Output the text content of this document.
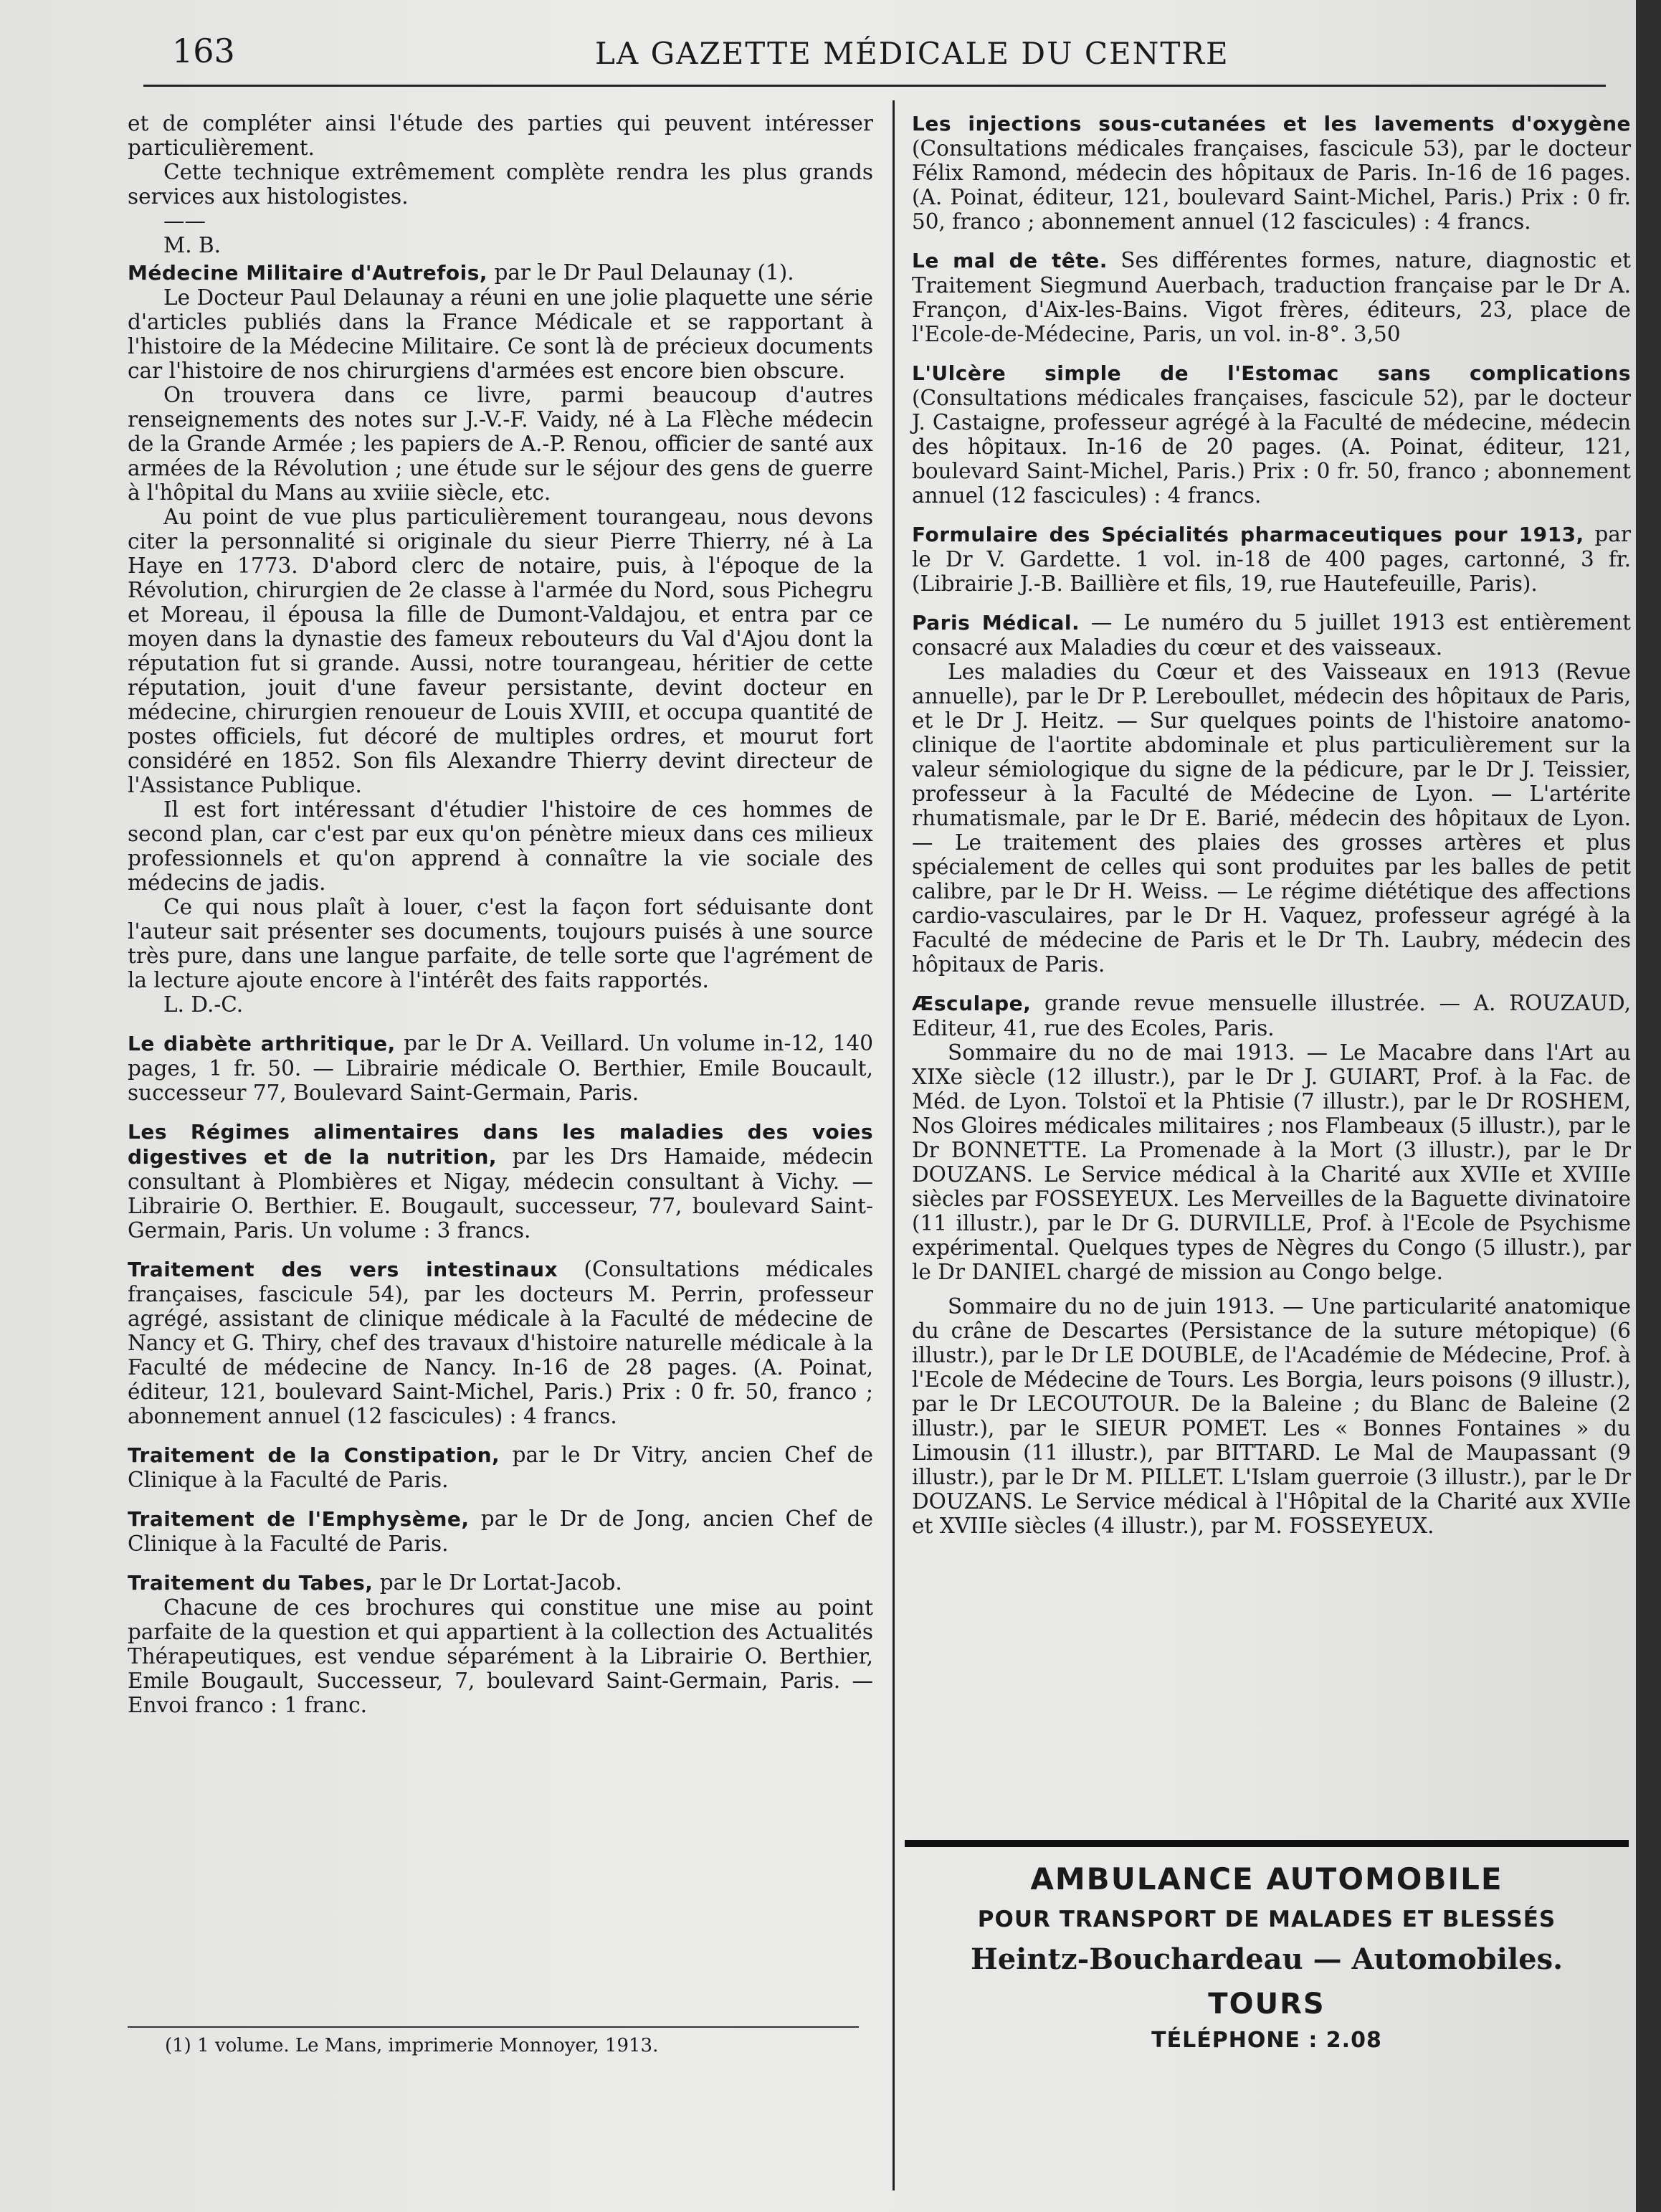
163	LA GAZETTE MÉDICALE DU CENTRE

et de compléter ainsi l'étude des parties qui peuvent intéresser particulièrement.

Cette technique extrêmement complète rendra les plus grands services aux histologistes.

——

M. B.

Médecine Militaire d'Autrefois, par le Dr Paul Delaunay (1).

Le Docteur Paul Delaunay a réuni en une jolie plaquette une série d'articles publiés dans la France Médicale et se rapportant à l'histoire de la Médecine Militaire. Ce sont là de précieux documents car l'histoire de nos chirurgiens d'armées est encore bien obscure.

On trouvera dans ce livre, parmi beaucoup d'autres renseignements des notes sur J.-V.-F. Vaidy, né à La Flèche médecin de la Grande Armée ; les papiers de A.-P. Renou, officier de santé aux armées de la Révolution ; une étude sur le séjour des gens de guerre à l'hôpital du Mans au xviiie siècle, etc.

Au point de vue plus particulièrement tourangeau, nous devons citer la personnalité si originale du sieur Pierre Thierry, né à La Haye en 1773. D'abord clerc de notaire, puis, à l'époque de la Révolution, chirurgien de 2e classe à l'armée du Nord, sous Pichegru et Moreau, il épousa la fille de Dumont-Valdajou, et entra par ce moyen dans la dynastie des fameux rebouteurs du Val d'Ajou dont la réputation fut si grande. Aussi, notre tourangeau, héritier de cette réputation, jouit d'une faveur persistante, devint docteur en médecine, chirurgien renoueur de Louis XVIII, et occupa quantité de postes officiels, fut décoré de multiples ordres, et mourut fort considéré en 1852. Son fils Alexandre Thierry devint directeur de l'Assistance Publique.

Il est fort intéressant d'étudier l'histoire de ces hommes de second plan, car c'est par eux qu'on pénètre mieux dans ces milieux professionnels et qu'on apprend à connaître la vie sociale des médecins de jadis.

Ce qui nous plaît à louer, c'est la façon fort séduisante dont l'auteur sait présenter ses documents, toujours puisés à une source très pure, dans une langue parfaite, de telle sorte que l'agrément de la lecture ajoute encore à l'intérêt des faits rapportés.

L. D.-C.

Le diabète arthritique, par le Dr A. Veillard. Un volume in-12, 140 pages, 1 fr. 50. — Librairie médicale O. Berthier, Emile Boucault, successeur 77, Boulevard Saint-Germain, Paris.

Les Régimes alimentaires dans les maladies des voies digestives et de la nutrition, par les Drs Hamaide, médecin consultant à Plombières et Nigay, médecin consultant à Vichy. — Librairie O. Berthier. E. Bougault, successeur, 77, boulevard Saint-Germain, Paris. Un volume : 3 francs.

Traitement des vers intestinaux (Consultations médicales françaises, fascicule 54), par les docteurs M. Perrin, professeur agrégé, assistant de clinique médicale à la Faculté de médecine de Nancy et G. Thiry, chef des travaux d'histoire naturelle médicale à la Faculté de médecine de Nancy. In-16 de 28 pages. (A. Poinat, éditeur, 121, boulevard Saint-Michel, Paris.) Prix : 0 fr. 50, franco ; abonnement annuel (12 fascicules) : 4 francs.

Traitement de la Constipation, par le Dr Vitry, ancien Chef de Clinique à la Faculté de Paris.

Traitement de l'Emphysème, par le Dr de Jong, ancien Chef de Clinique à la Faculté de Paris.

Traitement du Tabes, par le Dr Lortat-Jacob.

Chacune de ces brochures qui constitue une mise au point parfaite de la question et qui appartient à la collection des Actualités Thérapeutiques, est vendue séparément à la Librairie O. Berthier, Emile Bougault, Successeur, 7, boulevard Saint-Germain, Paris. — Envoi franco : 1 franc.

(1) 1 volume. Le Mans, imprimerie Monnoyer, 1913.

Les injections sous-cutanées et les lavements d'oxygène (Consultations médicales françaises, fascicule 53), par le docteur Félix Ramond, médecin des hôpitaux de Paris. In-16 de 16 pages. (A. Poinat, éditeur, 121, boulevard Saint-Michel, Paris.) Prix : 0 fr. 50, franco ; abonnement annuel (12 fascicules) : 4 francs.

Le mal de tête. Ses différentes formes, nature, diagnostic et Traitement Siegmund Auerbach, traduction française par le Dr A. Françon, d'Aix-les-Bains. Vigot frères, éditeurs, 23, place de l'Ecole-de-Médecine, Paris, un vol. in-8°. 3,50

L'Ulcère simple de l'Estomac sans complications (Consultations médicales françaises, fascicule 52), par le docteur J. Castaigne, professeur agrégé à la Faculté de médecine, médecin des hôpitaux. In-16 de 20 pages. (A. Poinat, éditeur, 121, boulevard Saint-Michel, Paris.) Prix : 0 fr. 50, franco ; abonnement annuel (12 fascicules) : 4 francs.

Formulaire des Spécialités pharmaceutiques pour 1913, par le Dr V. Gardette. 1 vol. in-18 de 400 pages, cartonné, 3 fr. (Librairie J.-B. Baillière et fils, 19, rue Hautefeuille, Paris).

Paris Médical. — Le numéro du 5 juillet 1913 est entièrement consacré aux Maladies du cœur et des vaisseaux.

Les maladies du Cœur et des Vaisseaux en 1913 (Revue annuelle), par le Dr P. Lereboullet, médecin des hôpitaux de Paris, et le Dr J. Heitz. — Sur quelques points de l'histoire anatomo-clinique de l'aortite abdominale et plus particulièrement sur la valeur sémiologique du signe de la pédicure, par le Dr J. Teissier, professeur à la Faculté de Médecine de Lyon. — L'artérite rhumatismale, par le Dr E. Barié, médecin des hôpitaux de Lyon. — Le traitement des plaies des grosses artères et plus spécialement de celles qui sont produites par les balles de petit calibre, par le Dr H. Weiss. — Le régime diététique des affections cardio-vasculaires, par le Dr H. Vaquez, professeur agrégé à la Faculté de médecine de Paris et le Dr Th. Laubry, médecin des hôpitaux de Paris.

Æsculape, grande revue mensuelle illustrée. — A. ROUZAUD, Editeur, 41, rue des Ecoles, Paris.

Sommaire du no de mai 1913. — Le Macabre dans l'Art au XIXe siècle (12 illustr.), par le Dr J. GUIART, Prof. à la Fac. de Méd. de Lyon. Tolstoï et la Phtisie (7 illustr.), par le Dr ROSHEM, Nos Gloires médicales militaires ; nos Flambeaux (5 illustr.), par le Dr BONNETTE. La Promenade à la Mort (3 illustr.), par le Dr DOUZANS. Le Service médical à la Charité aux XVIIe et XVIIIe siècles par FOSSEYEUX. Les Merveilles de la Baguette divinatoire (11 illustr.), par le Dr G. DURVILLE, Prof. à l'Ecole de Psychisme expérimental. Quelques types de Nègres du Congo (5 illustr.), par le Dr DANIEL chargé de mission au Congo belge.

Sommaire du no de juin 1913. — Une particularité anatomique du crâne de Descartes (Persistance de la suture métopique) (6 illustr.), par le Dr LE DOUBLE, de l'Académie de Médecine, Prof. à l'Ecole de Médecine de Tours. Les Borgia, leurs poisons (9 illustr.), par le Dr LECOUTOUR. De la Baleine ; du Blanc de Baleine (2 illustr.), par le SIEUR POMET. Les « Bonnes Fontaines » du Limousin (11 illustr.), par BITTARD. Le Mal de Maupassant (9 illustr.), par le Dr M. PILLET. L'Islam guerroie (3 illustr.), par le Dr DOUZANS. Le Service médical à l'Hôpital de la Charité aux XVIIe et XVIIIe siècles (4 illustr.), par M. FOSSEYEUX.

AMBULANCE AUTOMOBILE
POUR TRANSPORT DE MALADES ET BLESSÉS
Heintz-Bouchardeau — Automobiles.
TOURS
TÉLÉPHONE : 2.08
